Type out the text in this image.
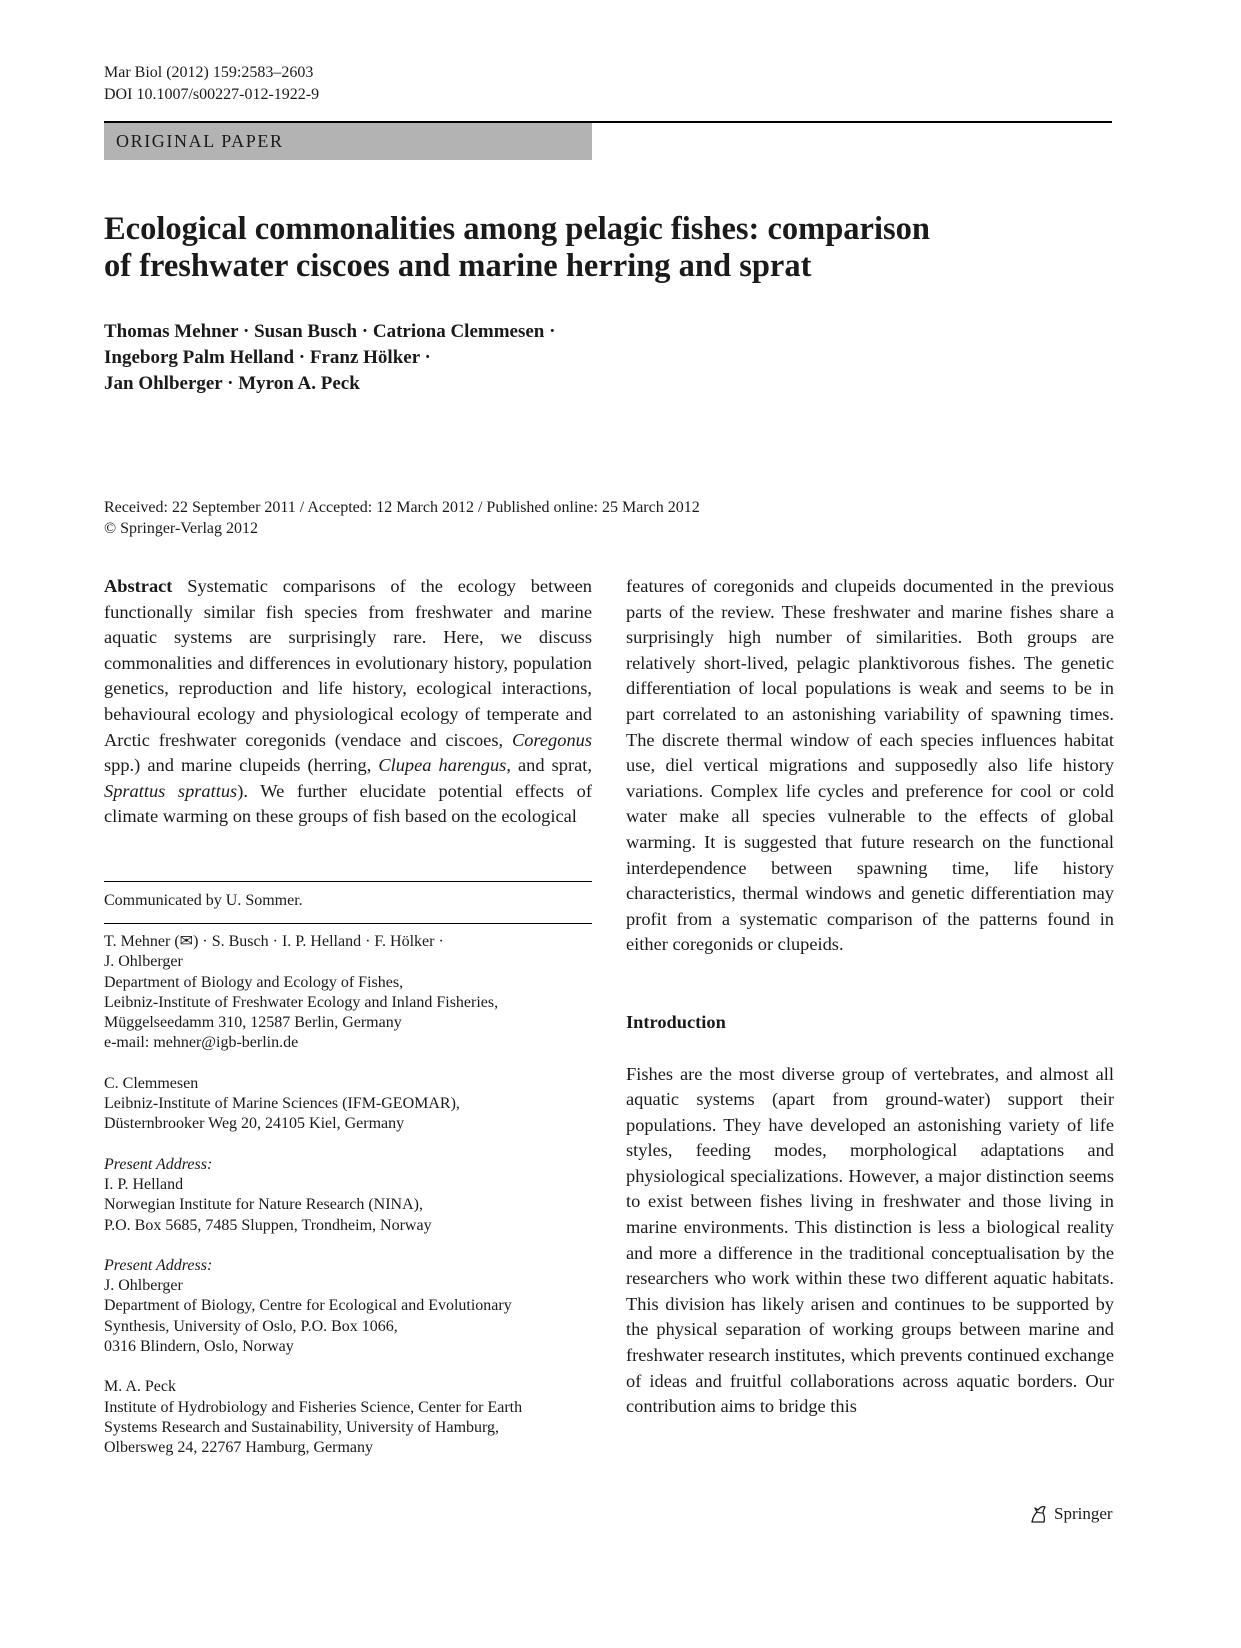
Mar Biol (2012) 159:2583–2603
DOI 10.1007/s00227-012-1922-9
ORIGINAL PAPER
Ecological commonalities among pelagic fishes: comparison
of freshwater ciscoes and marine herring and sprat
Thomas Mehner · Susan Busch · Catriona Clemmesen ·
Ingeborg Palm Helland · Franz Hölker ·
Jan Ohlberger · Myron A. Peck
Received: 22 September 2011 / Accepted: 12 March 2012 / Published online: 25 March 2012
© Springer-Verlag 2012

Abstract Systematic comparisons of the ecology between functionally similar fish species from freshwater and marine aquatic systems are surprisingly rare. Here, we discuss commonalities and differences in evolutionary history, population genetics, reproduction and life history, ecological interactions, behavioural ecology and physiological ecology of temperate and Arctic freshwater coregonids (vendace and ciscoes, Coregonus spp.) and marine clupeids (herring, Clupea harengus, and sprat, Sprattus sprattus). We further elucidate potential effects of climate warming on these groups of fish based on the ecological

Communicated by U. Sommer.

T. Mehner (✉) · S. Busch · I. P. Helland · F. Hölker ·
J. Ohlberger
Department of Biology and Ecology of Fishes,
Leibniz-Institute of Freshwater Ecology and Inland Fisheries,
Müggelseedamm 310, 12587 Berlin, Germany
e-mail: mehner@igb-berlin.de

C. Clemmesen
Leibniz-Institute of Marine Sciences (IFM-GEOMAR),
Düsternbrooker Weg 20, 24105 Kiel, Germany

Present Address:
I. P. Helland
Norwegian Institute for Nature Research (NINA),
P.O. Box 5685, 7485 Sluppen, Trondheim, Norway

Present Address:
J. Ohlberger
Department of Biology, Centre for Ecological and Evolutionary
Synthesis, University of Oslo, P.O. Box 1066,
0316 Blindern, Oslo, Norway

M. A. Peck
Institute of Hydrobiology and Fisheries Science, Center for Earth
Systems Research and Sustainability, University of Hamburg,
Olbersweg 24, 22767 Hamburg, Germany

features of coregonids and clupeids documented in the previous parts of the review. These freshwater and marine fishes share a surprisingly high number of similarities. Both groups are relatively short-lived, pelagic planktivorous fishes. The genetic differentiation of local populations is weak and seems to be in part correlated to an astonishing variability of spawning times. The discrete thermal window of each species influences habitat use, diel vertical migrations and supposedly also life history variations. Complex life cycles and preference for cool or cold water make all species vulnerable to the effects of global warming. It is suggested that future research on the functional interdependence between spawning time, life history characteristics, thermal windows and genetic differentiation may profit from a systematic comparison of the patterns found in either coregonids or clupeids.

Introduction

Fishes are the most diverse group of vertebrates, and almost all aquatic systems (apart from ground-water) support their populations. They have developed an astonishing variety of life styles, feeding modes, morphological adaptations and physiological specializations. However, a major distinction seems to exist between fishes living in freshwater and those living in marine environments. This distinction is less a biological reality and more a difference in the traditional conceptualisation by the researchers who work within these two different aquatic habitats. This division has likely arisen and continues to be supported by the physical separation of working groups between marine and freshwater research institutes, which prevents continued exchange of ideas and fruitful collaborations across aquatic borders. Our contribution aims to bridge this

Springer
